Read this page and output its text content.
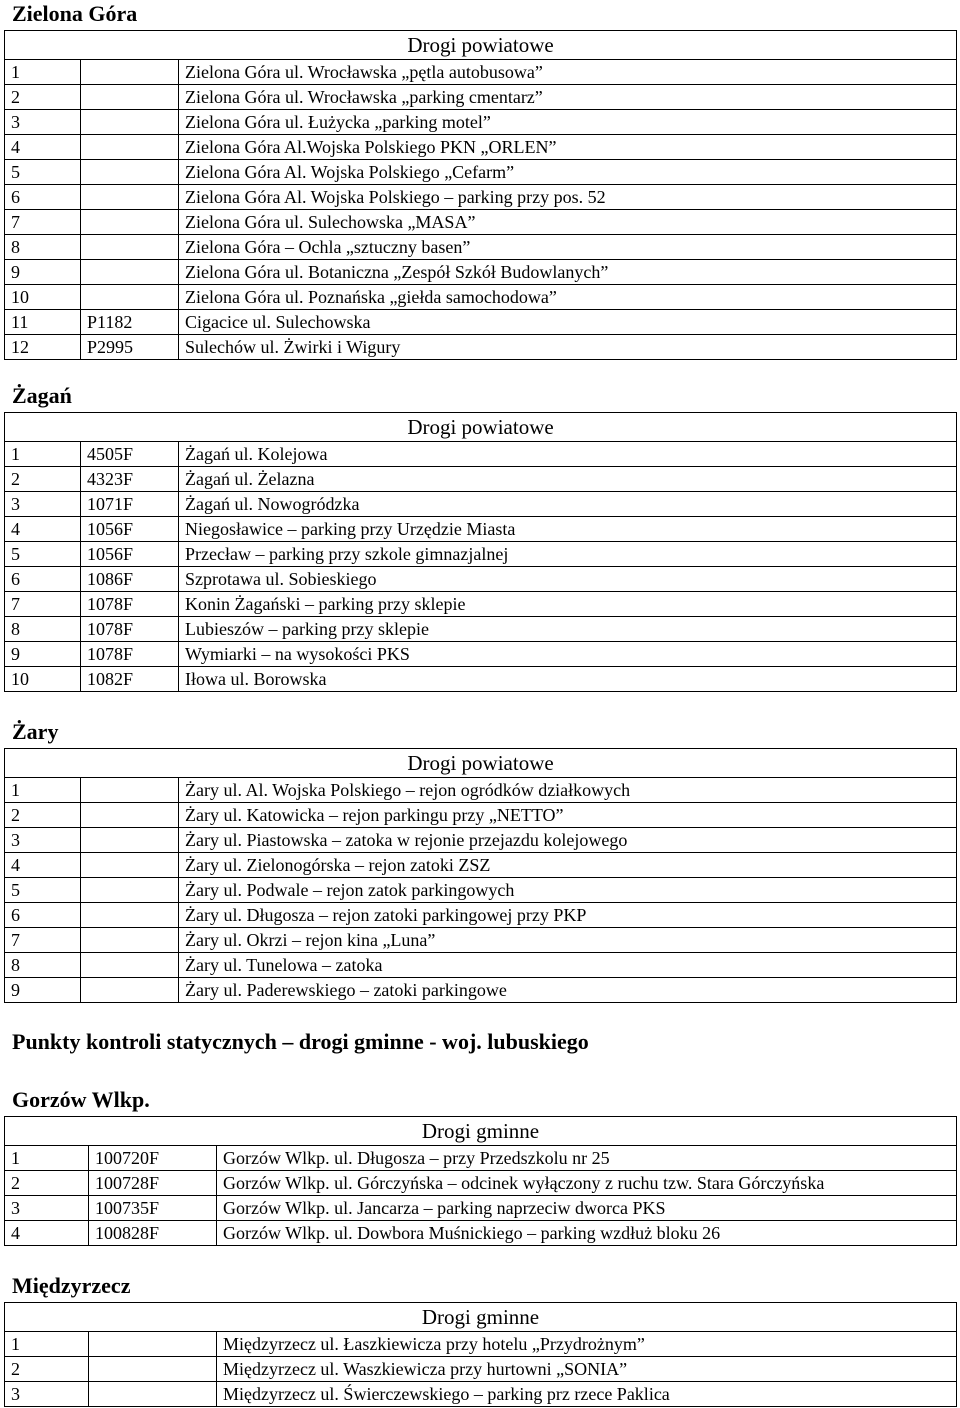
Zielona Góra
Drogi powiatowe		
1		Zielona Góra ul. Wrocławska „pętla autobusowa”
2		Zielona Góra ul. Wrocławska „parking cmentarz”
3		Zielona Góra ul. Łużycka „parking motel”
4		Zielona Góra Al.Wojska Polskiego PKN „ORLEN”
5		Zielona Góra Al. Wojska Polskiego „Cefarm”
6		Zielona Góra Al. Wojska Polskiego – parking przy pos. 52
7		Zielona Góra ul. Sulechowska „MASA”
8		Zielona Góra – Ochla „sztuczny basen”
9		Zielona Góra ul. Botaniczna „Zespół Szkół Budowlanych”
10		Zielona Góra ul. Poznańska „giełda samochodowa”
11	P1182	Cigacice ul. Sulechowska
12	P2995	Sulechów ul. Żwirki i Wigury
Żagań
Drogi powiatowe		
1	4505F	Żagań ul. Kolejowa
2	4323F	Żagań ul. Żelazna
3	1071F	Żagań ul. Nowogródzka
4	1056F	Niegosławice – parking przy Urzędzie Miasta
5	1056F	Przecław – parking przy szkole gimnazjalnej
6	1086F	Szprotawa ul. Sobieskiego
7	1078F	Konin Żagański – parking przy sklepie
8	1078F	Lubieszów – parking przy sklepie
9	1078F	Wymiarki – na wysokości PKS
10	1082F	Iłowa ul. Borowska
Żary
Drogi powiatowe		
1		Żary ul. Al. Wojska Polskiego – rejon ogródków działkowych
2		Żary ul. Katowicka – rejon parkingu przy „NETTO”
3		Żary ul. Piastowska – zatoka w rejonie przejazdu kolejowego
4		Żary ul. Zielonogórska – rejon zatoki ZSZ
5		Żary ul. Podwale – rejon zatok parkingowych
6		Żary ul. Długosza – rejon zatoki parkingowej przy PKP
7		Żary ul. Okrzi – rejon kina „Luna”
8		Żary ul. Tunelowa – zatoka
9		Żary ul. Paderewskiego – zatoki parkingowe
Punkty kontroli statycznych – drogi gminne - woj. lubuskiego
Gorzów Wlkp.
Drogi gminne		
1	100720F	Gorzów Wlkp. ul. Długosza – przy Przedszkolu nr 25
2	100728F	Gorzów Wlkp. ul. Górczyńska – odcinek wyłączony z ruchu tzw. Stara Górczyńska
3	100735F	Gorzów Wlkp. ul. Jancarza – parking naprzeciw dworca PKS
4	100828F	Gorzów Wlkp. ul. Dowbora Muśnickiego – parking wzdłuż bloku 26
Międzyrzecz
Drogi gminne		
1		Międzyrzecz ul. Łaszkiewicza przy hotelu „Przydrożnym”
2		Międzyrzecz ul. Waszkiewicza przy hurtowni „SONIA”
3		Międzyrzecz ul. Świerczewskiego – parking prz rzece Paklica
